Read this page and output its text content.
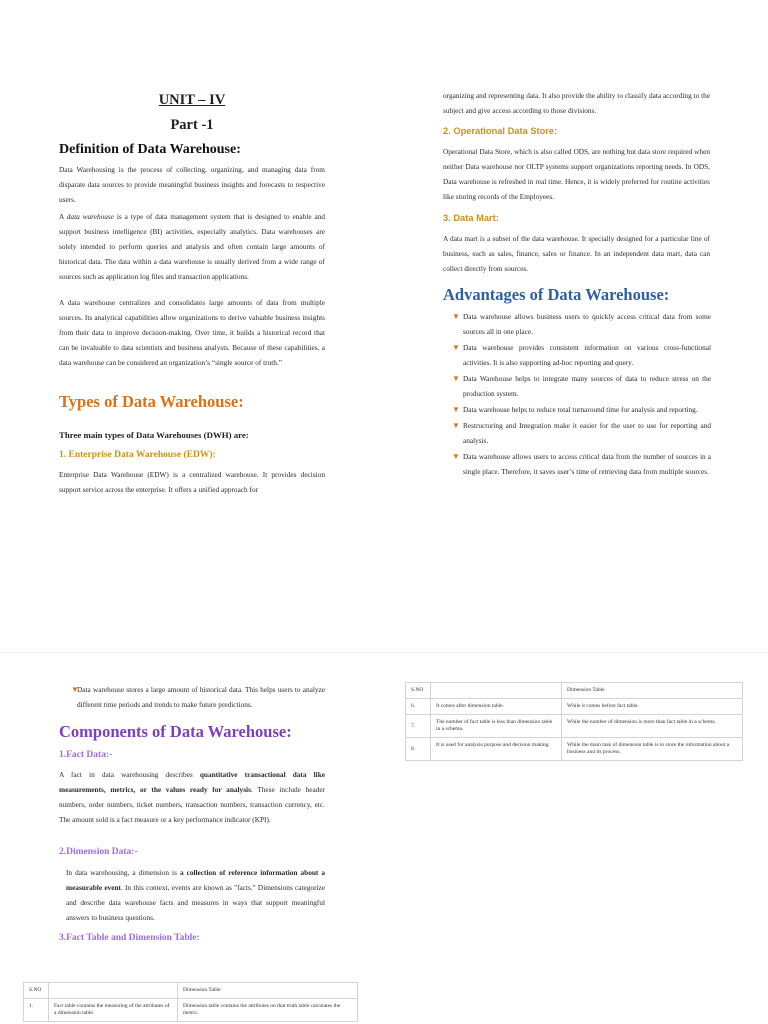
UNIT – IV
Part -1
Definition of Data Warehouse:

Data Warehousing is the process of collecting, organizing, and managing data from disparate data sources to provide meaningful business insights and forecasts to respective users.

A data warehouse is a type of data management system that is designed to enable and support business intelligence (BI) activities, especially analytics. Data warehouses are solely intended to perform queries and analysis and often contain large amounts of historical data. The data within a data warehouse is usually derived from a wide range of sources such as application log files and transaction applications.

A data warehouse centralizes and consolidates large amounts of data from multiple sources. Its analytical capabilities allow organizations to derive valuable business insights from their data to improve decision-making. Over time, it builds a historical record that can be invaluable to data scientists and business analysts. Because of these capabilities, a data warehouse can be considered an organization’s “single source of truth.”

Types of Data Warehouse:
Three main types of Data Warehouses (DWH) are:
1. Enterprise Data Warehouse (EDW):

Enterprise Data Warehouse (EDW) is a centralized warehouse. It provides decision support service across the enterprise. It offers a unified approach for

organizing and representing data. It also provide the ability to classify data according to the subject and give access according to those divisions.

2. Operational Data Store:

Operational Data Store, which is also called ODS, are nothing but data store required when neither Data warehouse nor OLTP systems support organizations reporting needs. In ODS, Data warehouse is refreshed in real time. Hence, it is widely preferred for routine activities like storing records of the Employees.

3. Data Mart:

A data mart is a subset of the data warehouse. It specially designed for a particular line of business, such as sales, finance, sales or finance. In an independent data mart, data can collect directly from sources.

Advantages of Data Warehouse:

▼ Data warehouse allows business users to quickly access critical data from some sources all in one place.

▼ Data warehouse provides consistent information on various cross-functional activities. It is also supporting ad-hoc reporting and query.

▼ Data Warehouse helps to integrate many sources of data to reduce stress on the production system.

▼ Data warehouse helps to reduce total turnaround time for analysis and reporting.

▼ Restructuring and Integration make it easier for the user to use for reporting and analysis.

▼ Data warehouse allows users to access critical data from the number of sources in a single place. Therefore, it saves user’s time of retrieving data from multiple sources.

▼
Data warehouse stores a large amount of historical data. This helps users to analyze different time periods and trends to make future predictions.

Components of Data Warehouse:
1.Fact Data:-

A fact in data warehousing describes quantitative transactional data like measurements, metrics, or the values ready for analysis. These include header numbers, order numbers, ticket numbers, transaction numbers, transaction currency, etc. The amount sold is a fact measure or a key performance indicator (KPI).

2.Dimension Data:-

In data warehousing, a dimension is a collection of reference information about a measurable event. In this context, events are known as "facts." Dimensions categorize and describe data warehouse facts and measures in ways that support meaningful answers to business questions.

3.Fact Table and Dimension Table:
S.NO		Dimension Table
1.	Fact table contains the measuring of the attributes of a dimension table.	Dimension table contains the attributes on that truth table calculates the metric.
S.NO		Dimension Table
6.	It comes after dimension table.	While it comes before fact table.
7.	The number of fact table is less than dimension table in a schema.	While the number of dimension is more than fact table in a schema.
8.	It is used for analysis purpose and decision making.	While the main task of dimension table is to store the information about a business and its process.
